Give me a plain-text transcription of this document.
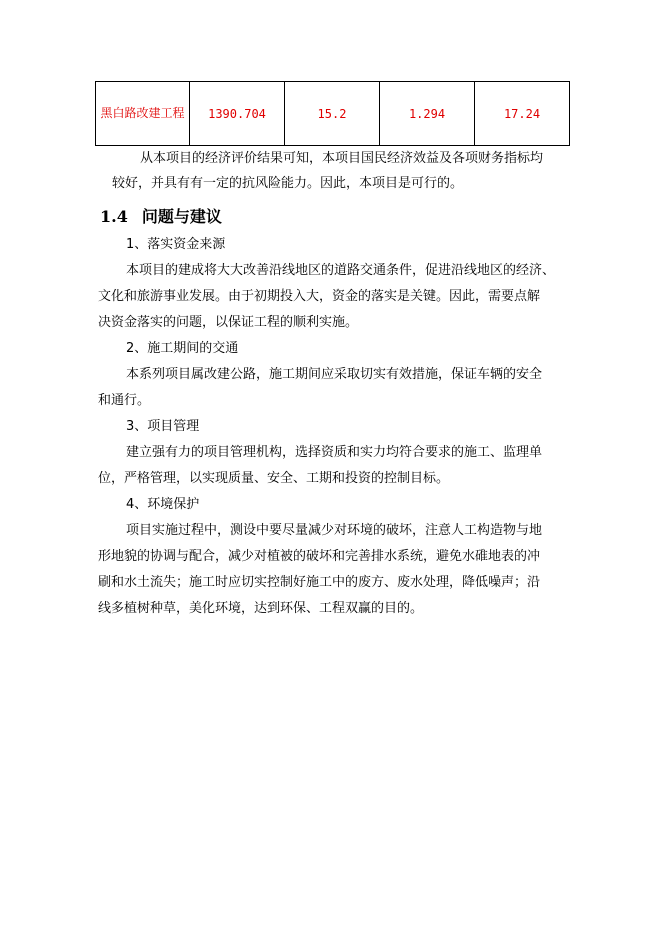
黑白路改建工程	1390.704	15.2	1.294	17.24
从本项目的经济评价结果可知，本项目国民经济效益及各项财务指标均
较好，并具有有一定的抗风险能力。因此，本项目是可行的。
1.4 问题与建议
1、落实资金来源
本项目的建成将大大改善沿线地区的道路交通条件，促进沿线地区的经济、
文化和旅游事业发展。由于初期投入大，资金的落实是关键。因此，需要点解
决资金落实的问题，以保证工程的顺利实施。
2、施工期间的交通
本系列项目属改建公路，施工期间应采取切实有效措施，保证车辆的安全
和通行。
3、项目管理
建立强有力的项目管理机构，选择资质和实力均符合要求的施工、监理单
位，严格管理，以实现质量、安全、工期和投资的控制目标。
4、环境保护
项目实施过程中，测设中要尽量减少对环境的破坏，注意人工构造物与地
形地貌的协调与配合，减少对植被的破坏和完善排水系统，避免水碓地表的冲
刷和水土流失；施工时应切实控制好施工中的废方、废水处理，降低噪声；沿
线多植树种草，美化环境，达到环保、工程双赢的目的。
